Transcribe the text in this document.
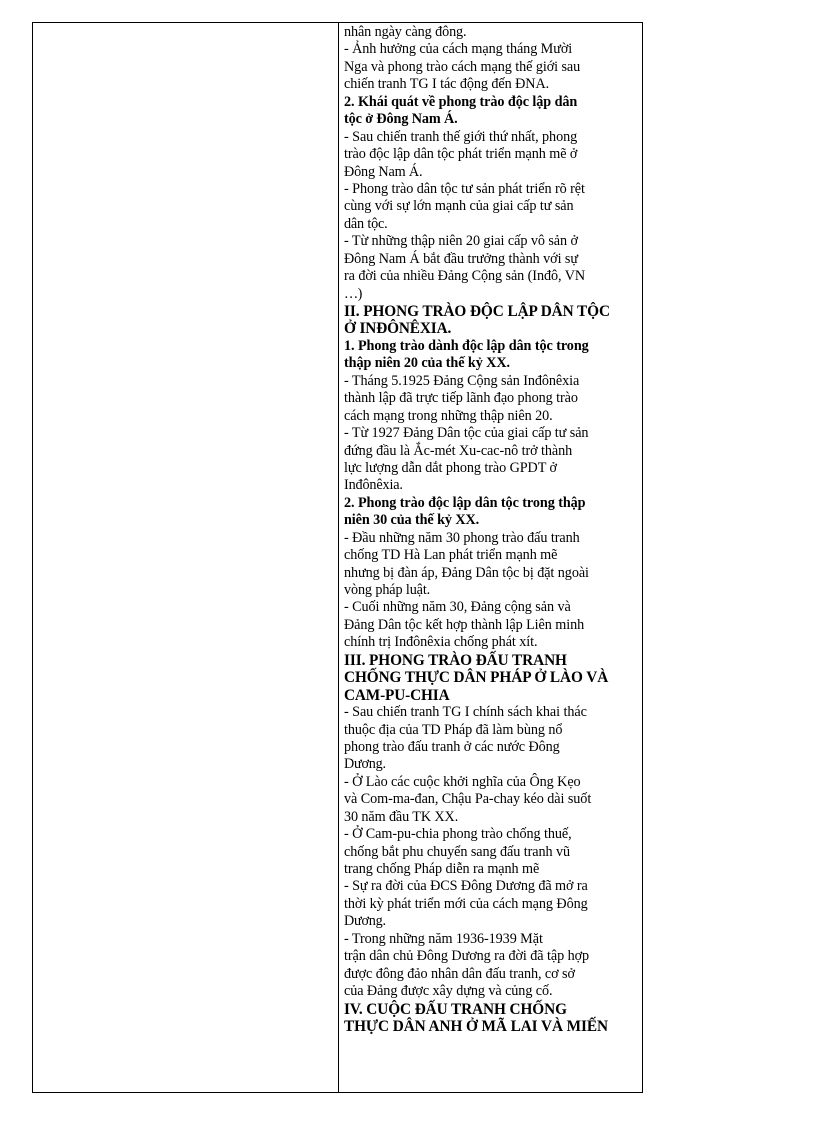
nhân ngày càng đông.
- Ảnh hưởng của cách mạng tháng Mười
Nga và phong trào cách mạng thế giới sau
chiến tranh TG I tác động đến ĐNA.
2. Khái quát về phong trào độc lập dân
tộc ở Đông Nam Á.
- Sau chiến tranh thế giới thứ nhất, phong
trào độc lập dân tộc phát triển mạnh mẽ ở
Đông Nam Á.
- Phong trào dân tộc tư sản phát triển rõ rệt
cùng với sự lớn mạnh của giai cấp tư sản
dân tộc.
- Từ những thập niên 20 giai cấp vô sản ở
Đông Nam Á bắt đầu trưởng thành với sự
ra đời của nhiều Đảng Cộng sản (Inđô, VN
…)
II. PHONG TRÀO ĐỘC LẬP DÂN TỘC
Ở INĐÔNÊXIA.
1. Phong trào dành độc lập dân tộc trong
thập niên 20 của thế kỷ XX.
- Tháng 5.1925 Đảng Cộng sản Inđônêxia
thành lập đã trực tiếp lãnh đạo phong trào
cách mạng trong những thập niên 20.
- Từ 1927 Đảng Dân tộc của giai cấp tư sản
đứng đầu là Ắc-mét Xu-cac-nô trở thành
lực lượng dẫn dắt phong trào GPDT ở
Inđônêxia.
2. Phong trào độc lập dân tộc trong thập
niên 30 của thế kỷ XX.
- Đầu những năm 30 phong trào đấu tranh
chống TD Hà Lan phát triển mạnh mẽ
nhưng bị đàn áp, Đảng Dân tộc bị đặt ngoài
vòng pháp luật.
- Cuối những năm 30, Đảng cộng sản và
Đảng Dân tộc kết hợp thành lập Liên minh
chính trị Inđônêxia chống phát xít.
III. PHONG TRÀO ĐẤU TRANH
CHỐNG THỰC DÂN PHÁP Ở LÀO VÀ
CAM-PU-CHIA
- Sau chiến tranh TG I chính sách khai thác
thuộc địa của TD Pháp đã làm bùng nổ
phong trào đấu tranh ở các nước Đông
Dương.
- Ở Lào các cuộc khởi nghĩa của Ông Kẹo
và Com-ma-đan, Chậu Pa-chay kéo dài suốt
30 năm đầu TK XX.
- Ở Cam-pu-chia phong trào chống thuế,
chống bắt phu chuyển sang đấu tranh vũ
trang chống Pháp diễn ra mạnh mẽ
- Sự ra đời của ĐCS Đông Dương đã mở ra
thời kỳ phát triển mới của cách mạng Đông
Dương.
- Trong những năm 1936-1939 Mặt
trận dân chủ Đông Dương ra đời đã tập hợp
được đông đảo nhân dân đấu tranh, cơ sở
của Đảng được xây dựng và củng cố.
IV. CUỘC ĐẤU TRANH CHỐNG
THỰC DÂN ANH Ở MÃ LAI VÀ MIẾN
